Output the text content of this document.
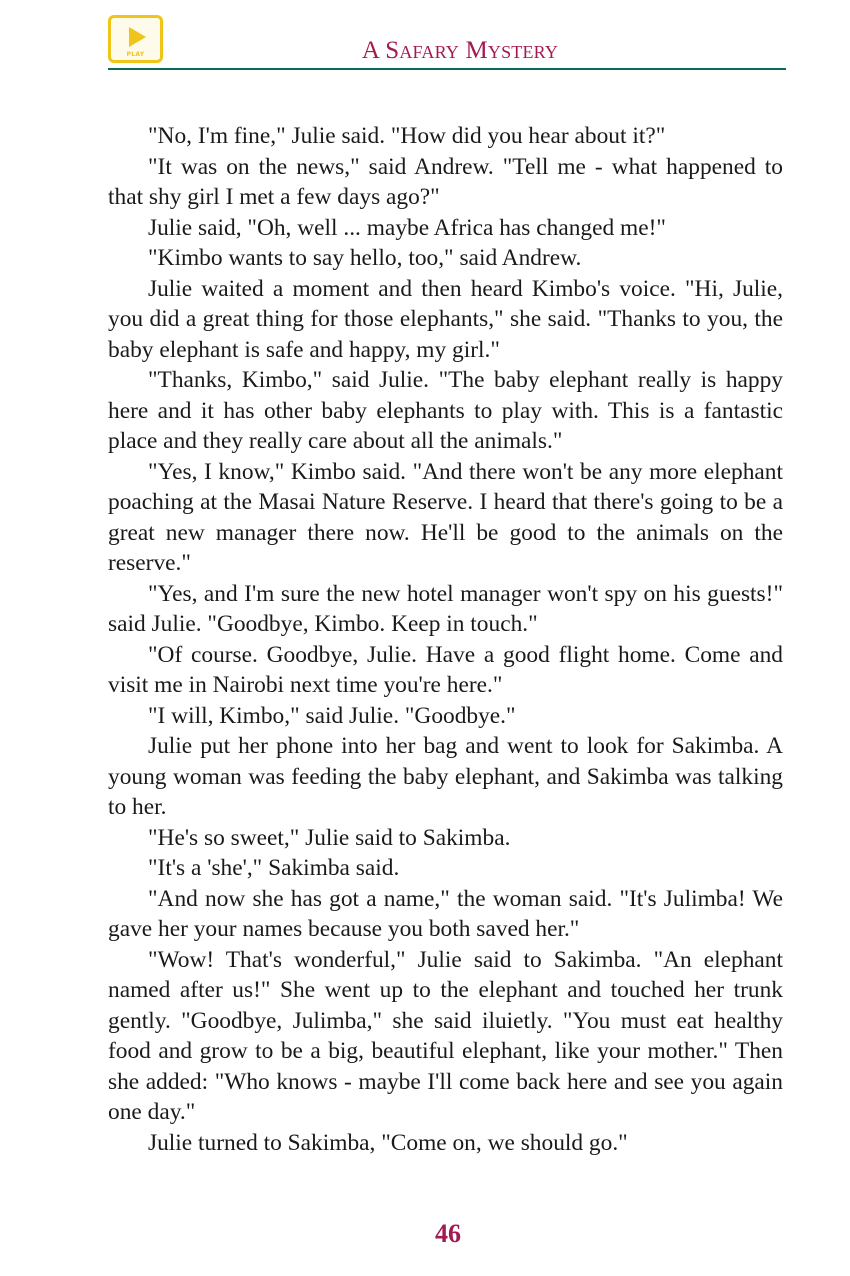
PLAY	A Safary Mystery

"No, I'm fine," Julie said. "How did you hear about it?"

"It was on the news," said Andrew. "Tell me - what happened to that shy girl I met a few days ago?"

Julie said, "Oh, well ... maybe Africa has changed me!"

"Kimbo wants to say hello, too," said Andrew.

Julie waited a moment and then heard Kimbo's voice. "Hi, Julie, you did a great thing for those elephants," she said. "Thanks to you, the baby elephant is safe and happy, my girl."

"Thanks, Kimbo," said Julie. "The baby elephant really is happy here and it has other baby elephants to play with. This is a fantastic place and they really care about all the animals."

"Yes, I know," Kimbo said. "And there won't be any more elephant poaching at the Masai Nature Reserve. I heard that there's going to be a great new manager there now. He'll be good to the animals on the reserve."

"Yes, and I'm sure the new hotel manager won't spy on his guests!" said Julie. "Goodbye, Kimbo. Keep in touch."

"Of course. Goodbye, Julie. Have a good flight home. Come and visit me in Nairobi next time you're here."

"I will, Kimbo," said Julie. "Goodbye."

Julie put her phone into her bag and went to look for Sakimba. A young woman was feeding the baby elephant, and Sakimba was talking to her.

"He's so sweet," Julie said to Sakimba.

"It's a 'she'," Sakimba said.

"And now she has got a name," the woman said. "It's Julimba! We gave her your names because you both saved her."

"Wow! That's wonderful," Julie said to Sakimba. "An elephant named after us!" She went up to the elephant and touched her trunk gently. "Goodbye, Julimba," she said iluietly. "You must eat healthy food and grow to be a big, beautiful elephant, like your mother." Then she added: "Who knows - maybe I'll come back here and see you again one day."

Julie turned to Sakimba, "Come on, we should go."

46
